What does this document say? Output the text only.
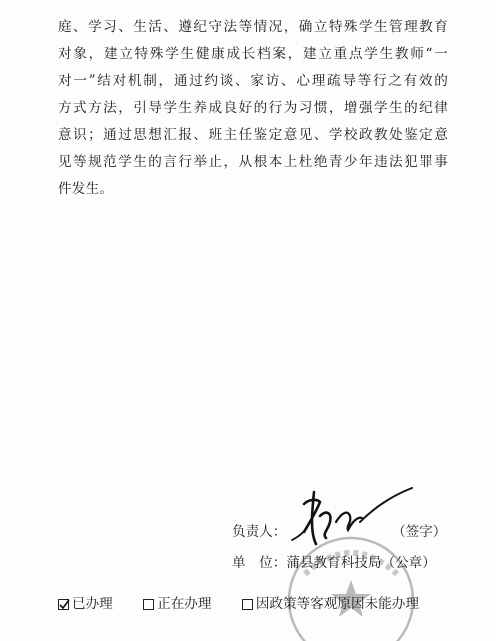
庭、学习、生活、遵纪守法等情况，确立特殊学生管理教育
对象，建立特殊学生健康成长档案，建立重点学生教师“一
对一”结对机制，通过约谈、家访、心理疏导等行之有效的
方式方法，引导学生养成良好的行为习惯，增强学生的纪律
意识；通过思想汇报、班主任鉴定意见、学校政教处鉴定意
见等规范学生的言行举止，从根本上杜绝青少年违法犯罪事
件发生。
负责人：	（签字）
单　位： 蒲县教育科技局（公章）
已办理
	正在办理
	因政策等客观原因未能办理
